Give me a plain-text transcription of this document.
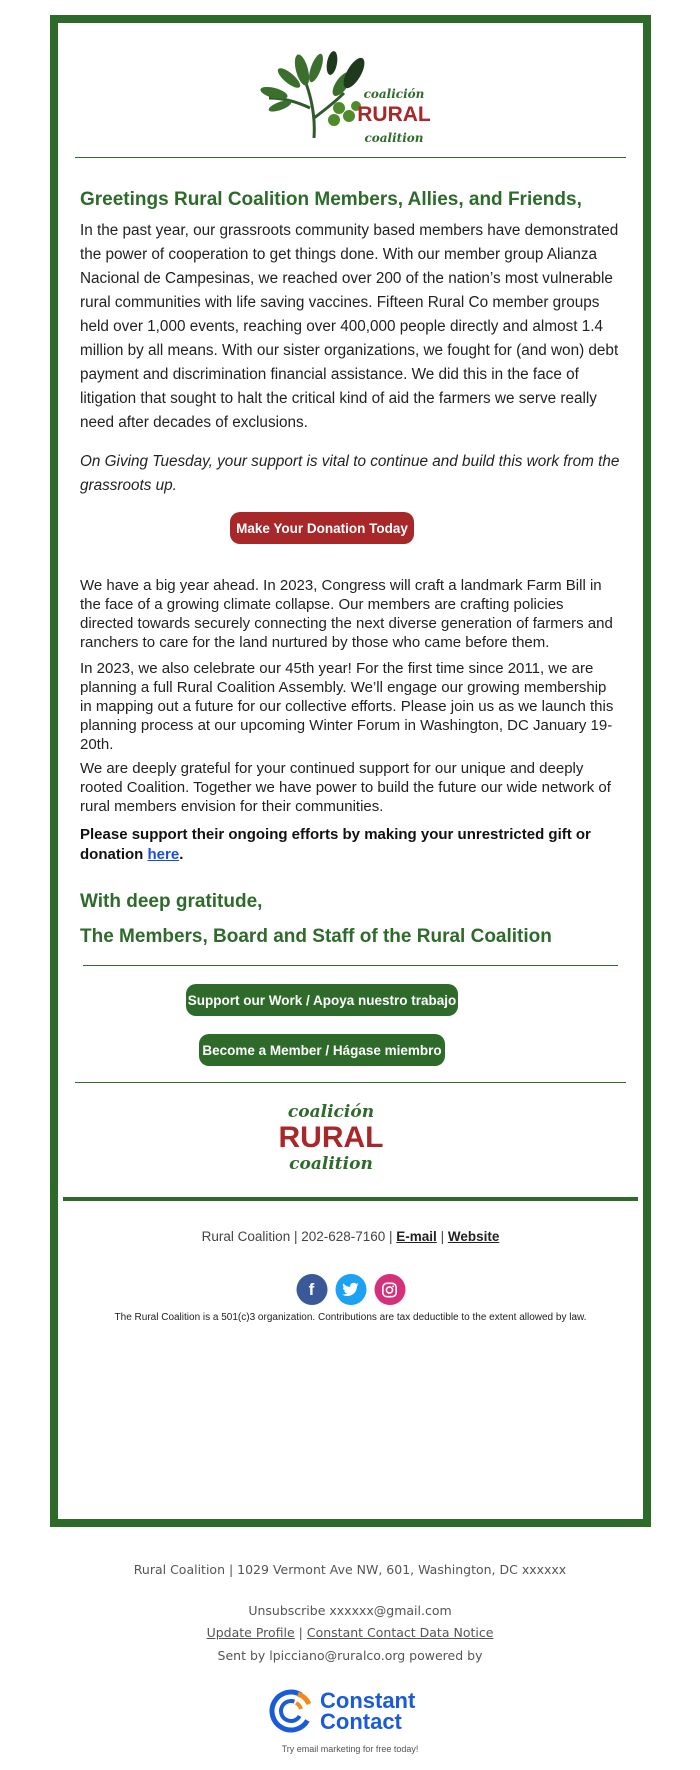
coalición
RURAL
coalition
Greetings Rural Coalition Members, Allies, and Friends,

In the past year, our grassroots community based members have demonstrated the power of cooperation to get things done. With our member group Alianza Nacional de Campesinas, we reached over 200 of the nation’s most vulnerable rural communities with life saving vaccines. Fifteen Rural Co member groups held over 1,000 events, reaching over 400,000 people directly and almost 1.4 million by all means. With our sister organizations, we fought for (and won) debt payment and discrimination financial assistance. We did this in the face of litigation that sought to halt the critical kind of aid the farmers we serve really need after decades of exclusions.

On Giving Tuesday, your support is vital to continue and build this work from the grassroots up.

Make Your Donation Today

We have a big year ahead. In 2023, Congress will craft a landmark Farm Bill in the face of a growing climate collapse. Our members are crafting policies directed towards securely connecting the next diverse generation of farmers and ranchers to care for the land nurtured by those who came before them.

In 2023, we also celebrate our 45th year! For the first time since 2011, we are planning a full Rural Coalition Assembly. We’ll engage our growing membership in mapping out a future for our collective efforts. Please join us as we launch this planning process at our upcoming Winter Forum in Washington, DC January 19-20th.

We are deeply grateful for your continued support for our unique and deeply rooted Coalition. Together we have power to build the future our wide network of rural members envision for their communities.

Please support their ongoing efforts by making your unrestricted gift or donation here.

With deep gratitude,
The Members, Board and Staff of the Rural Coalition
Support our Work / Apoya nuestro trabajo
Become a Member / Hágase miembro
coalición
RURAL
coalition
Rural Coalition | 202-628-7160 | E-mail | Website
f
The Rural Coalition is a 501(c)3 organization. Contributions are tax deductible to the extent allowed by law.
Rural Coalition | 1029 Vermont Ave NW, 601, Washington, DC xxxxxx
Unsubscribe xxxxxx@gmail.com
Update Profile | Constant Contact Data Notice
Sent by lpicciano@ruralco.org powered by
Constant
Contact
Try email marketing for free today!
